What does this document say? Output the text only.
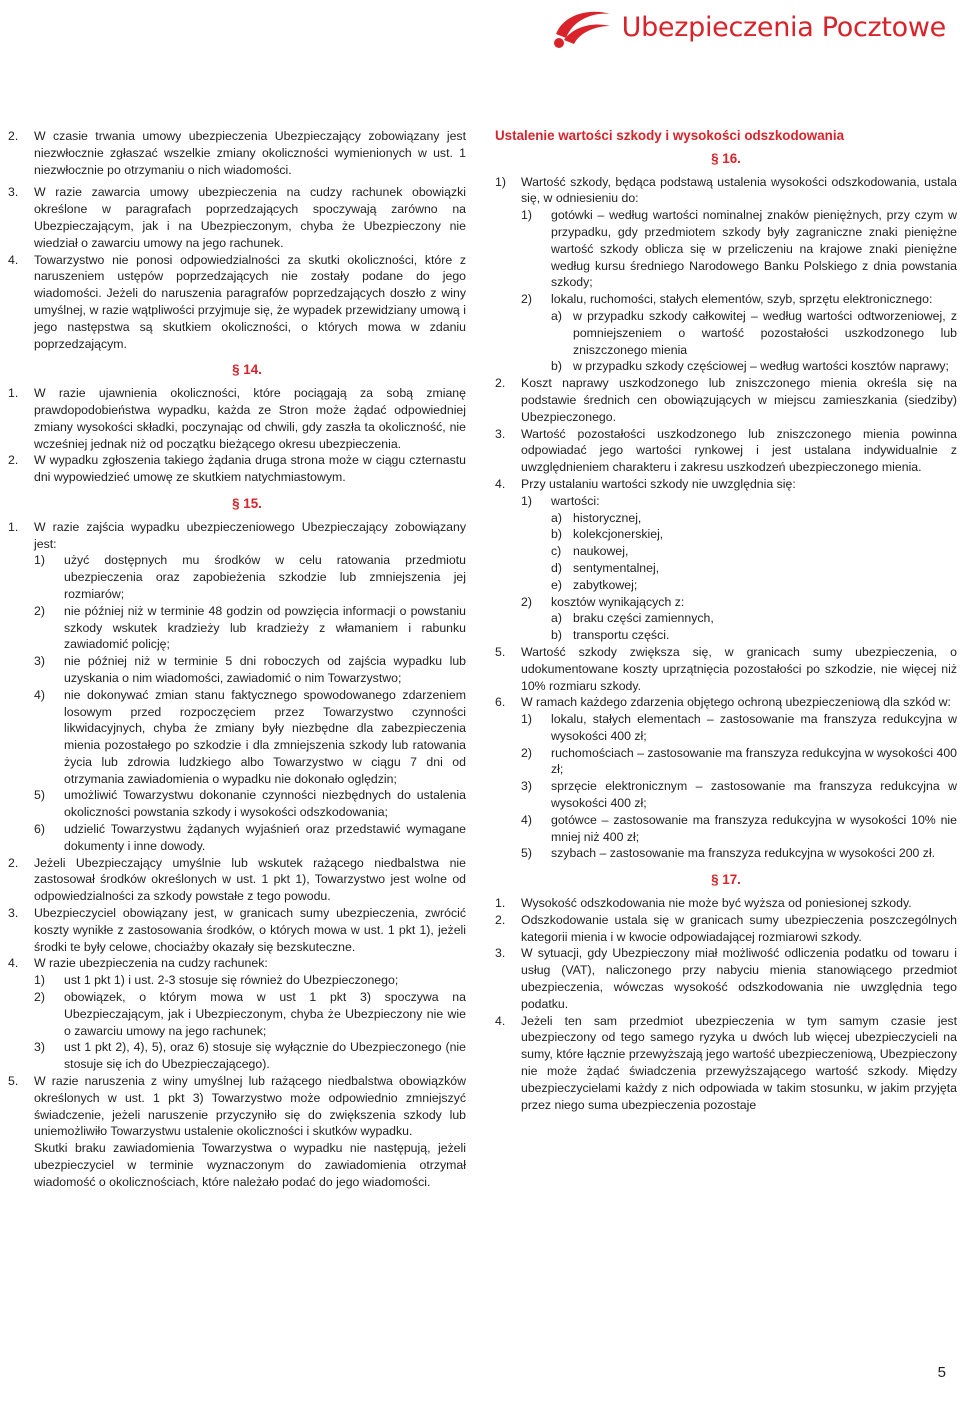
Ubezpieczenia Pocztowe
2.	W czasie trwania umowy ubezpieczenia Ubezpieczający zobowiązany jest niezwłocznie zgłaszać wszelkie zmiany okoliczności wymienionych w ust. 1 niezwłocznie po otrzymaniu o nich wiadomości.
3.	W razie zawarcia umowy ubezpieczenia na cudzy rachunek obowiązki określone w paragrafach poprzedzających spoczywają zarówno na Ubezpieczającym, jak i na Ubezpieczonym, chyba że Ubezpieczony nie wiedział o zawarciu umowy na jego rachunek.
4.	Towarzystwo nie ponosi odpowiedzialności za skutki okoliczności, które z naruszeniem ustępów poprzedzających nie zostały podane do jego wiadomości. Jeżeli do naruszenia paragrafów poprzedzających doszło z winy umyślnej, w razie wątpliwości przyjmuje się, że wypadek przewidziany umową i jego następstwa są skutkiem okoliczności, o których mowa w zdaniu poprzedzającym.
§ 14.
1.	W razie ujawnienia okoliczności, które pociągają za sobą zmianę prawdopodobieństwa wypadku, każda ze Stron może żądać odpowiedniej zmiany wysokości składki, poczynając od chwili, gdy zaszła ta okoliczność, nie wcześniej jednak niż od początku bieżącego okresu ubezpieczenia.
2.	W wypadku zgłoszenia takiego żądania druga strona może w ciągu czternastu dni wypowiedzieć umowę ze skutkiem natychmiastowym.
§ 15.
1.	W razie zajścia wypadku ubezpieczeniowego Ubezpieczający zobowiązany jest:
1)	użyć dostępnych mu środków w celu ratowania przedmiotu ubezpieczenia oraz zapobieżenia szkodzie lub zmniejszenia jej rozmiarów;
2)	nie później niż w terminie 48 godzin od powzięcia informacji o powstaniu szkody wskutek kradzieży lub kradzieży z włamaniem i rabunku zawiadomić policję;
3)	nie później niż w terminie 5 dni roboczych od zajścia wypadku lub uzyskania o nim wiadomości, zawiadomić o nim Towarzystwo;
4)	nie dokonywać zmian stanu faktycznego spowodowanego zdarzeniem losowym przed rozpoczęciem przez Towarzystwo czynności likwidacyjnych, chyba że zmiany były niezbędne dla zabezpieczenia mienia pozostałego po szkodzie i dla zmniejszenia szkody lub ratowania życia lub zdrowia ludzkiego albo Towarzystwo w ciągu 7 dni od otrzymania zawiadomienia o wypadku nie dokonało oględzin;
5)	umożliwić Towarzystwu dokonanie czynności niezbędnych do ustalenia okoliczności powstania szkody i wysokości odszkodowania;
6)	udzielić Towarzystwu żądanych wyjaśnień oraz przedstawić wymagane dokumenty i inne dowody.
2.	Jeżeli Ubezpieczający umyślnie lub wskutek rażącego niedbalstwa nie zastosował środków określonych w ust. 1 pkt 1), Towarzystwo jest wolne od odpowiedzialności za szkody powstałe z tego powodu.
3.	Ubezpieczyciel obowiązany jest, w granicach sumy ubezpieczenia, zwrócić koszty wynikłe z zastosowania środków, o których mowa w ust. 1 pkt 1), jeżeli środki te były celowe, chociażby okazały się bezskuteczne.
4.	W razie ubezpieczenia na cudzy rachunek:
1)	ust 1 pkt 1) i ust. 2-3 stosuje się również do Ubezpieczonego;
2)	obowiązek, o którym mowa w ust 1 pkt 3) spoczywa na Ubezpieczającym, jak i Ubezpieczonym, chyba że Ubezpieczony nie wie o zawarciu umowy na jego rachunek;
3)	ust 1 pkt 2), 4), 5), oraz 6) stosuje się wyłącznie do Ubezpieczonego (nie stosuje się ich do Ubezpieczającego).
5.	W razie naruszenia z winy umyślnej lub rażącego niedbalstwa obowiązków określonych w ust. 1 pkt 3) Towarzystwo może odpowiednio zmniejszyć świadczenie, jeżeli naruszenie przyczyniło się do zwiększenia szkody lub uniemożliwiło Towarzystwu ustalenie okoliczności i skutków wypadku.
Skutki braku zawiadomienia Towarzystwa o wypadku nie następują, jeżeli ubezpieczyciel w terminie wyznaczonym do zawiadomienia otrzymał wiadomość o okolicznościach, które należało podać do jego wiadomości.
Ustalenie wartości szkody i wysokości odszkodowania
§ 16.
1)	Wartość szkody, będąca podstawą ustalenia wysokości odszkodowania, ustala się, w odniesieniu do:
1)	gotówki – według wartości nominalnej znaków pieniężnych, przy czym w przypadku, gdy przedmiotem szkody były zagraniczne znaki pieniężne wartość szkody oblicza się w przeliczeniu na krajowe znaki pieniężne według kursu średniego Narodowego Banku Polskiego z dnia powstania szkody;
2)	lokalu, ruchomości, stałych elementów, szyb, sprzętu elektronicznego:
a) w przypadku szkody całkowitej – według wartości odtworzeniowej, z pomniejszeniem o wartość pozostałości uszkodzonego lub zniszczonego mienia
b) w przypadku szkody częściowej – według wartości kosztów naprawy;
2.	Koszt naprawy uszkodzonego lub zniszczonego mienia określa się na podstawie średnich cen obowiązujących w miejscu zamieszkania (siedziby) Ubezpieczonego.
3.	Wartość pozostałości uszkodzonego lub zniszczonego mienia powinna odpowiadać jego wartości rynkowej i jest ustalana indywidualnie z uwzględnieniem charakteru i zakresu uszkodzeń ubezpieczonego mienia.
4.	Przy ustalaniu wartości szkody nie uwzględnia się:
1)	wartości:
a) historycznej,
b) kolekcjonerskiej,
c) naukowej,
d) sentymentalnej,
e) zabytkowej;
2)	kosztów wynikających z:
a) braku części zamiennych,
b) transportu części.
5.	Wartość szkody zwiększa się, w granicach sumy ubezpieczenia, o udokumentowane koszty uprzątnięcia pozostałości po szkodzie, nie więcej niż 10% rozmiaru szkody.
6.	W ramach każdego zdarzenia objętego ochroną ubezpieczeniową dla szkód w:
1)	lokalu, stałych elementach – zastosowanie ma franszyza redukcyjna w wysokości 400 zł;
2)	ruchomościach – zastosowanie ma franszyza redukcyjna w wysokości 400 zł;
3)	sprzęcie elektronicznym – zastosowanie ma franszyza redukcyjna w wysokości 400 zł;
4)	gotówce – zastosowanie ma franszyza redukcyjna w wysokości 10% nie mniej niż 400 zł;
5)	szybach – zastosowanie ma franszyza redukcyjna w wysokości 200 zł.
§ 17.
1.	Wysokość odszkodowania nie może być wyższa od poniesionej szkody.
2.	Odszkodowanie ustala się w granicach sumy ubezpieczenia poszczególnych kategorii mienia i w kwocie odpowiadającej rozmiarowi szkody.
3.	W sytuacji, gdy Ubezpieczony miał możliwość odliczenia podatku od towaru i usług (VAT), naliczonego przy nabyciu mienia stanowiącego przedmiot ubezpieczenia, wówczas wysokość odszkodowania nie uwzględnia tego podatku.
4.	Jeżeli ten sam przedmiot ubezpieczenia w tym samym czasie jest ubezpieczony od tego samego ryzyka u dwóch lub więcej ubezpieczycieli na sumy, które łącznie przewyższają jego wartość ubezpieczeniową, Ubezpieczony nie może żądać świadczenia przewyższającego wartość szkody. Między ubezpieczycielami każdy z nich odpowiada w takim stosunku, w jakim przyjęta przez niego suma ubezpieczenia pozostaje
5
